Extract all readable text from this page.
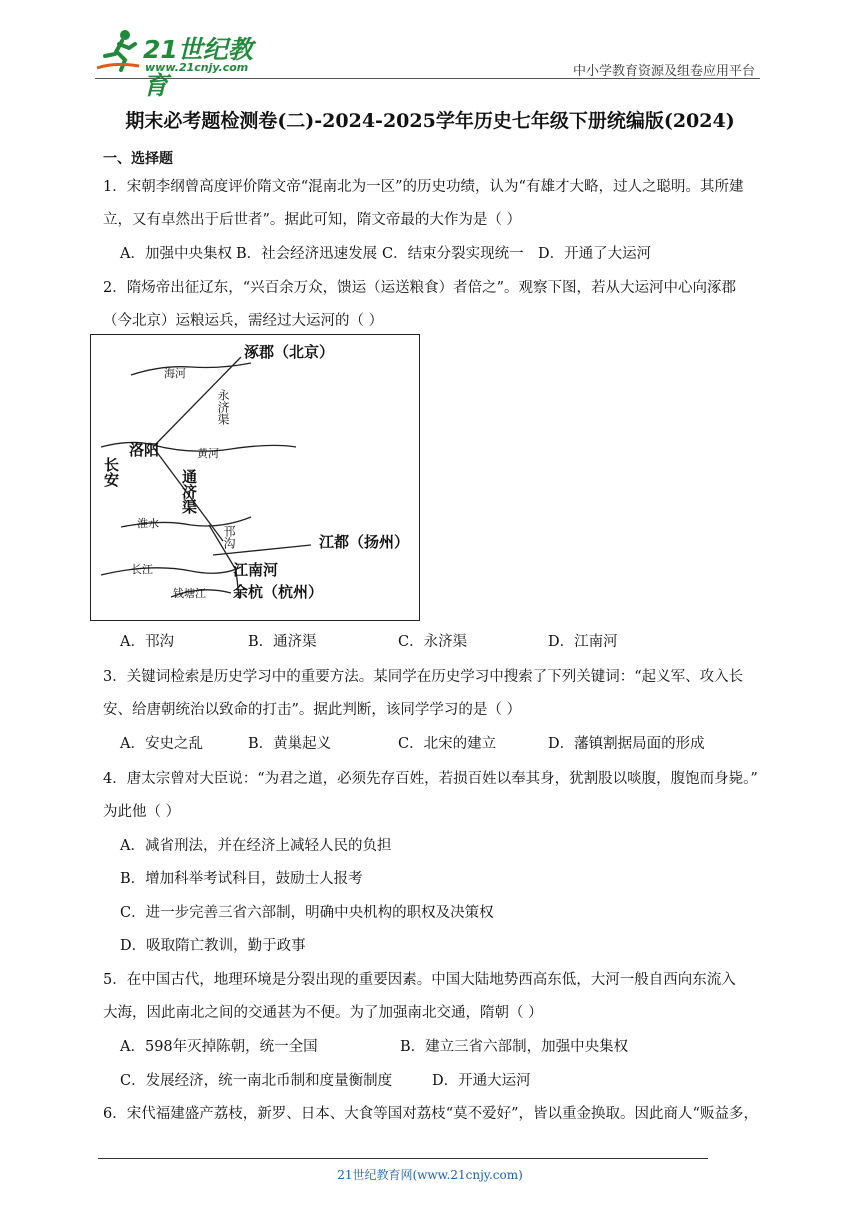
21世纪教育
www.21cnjy.com	中小学教育资源及组卷应用平台
期末必考题检测卷(二)-2024-2025学年历史七年级下册统编版(2024)
一、选择题
1．宋朝李纲曾高度评价隋文帝“混南北为一区”的历史功绩，认为“有雄才大略，过人之聪明。其所建
立，又有卓然出于后世者”。据此可知，隋文帝最的大作为是（ ）
A．加强中央集权 B．社会经济迅速发展 C．结束分裂实现统一 D．开通了大运河
2．隋炀帝出征辽东，“兴百余万众，馈运（运送粮食）者倍之”。观察下图，若从大运河中心向涿郡
（今北京）运粮运兵，需经过大运河的（ ）
涿郡（北京）
海河
永济渠
洛阳	黄河
长安	通济渠
淮水
邗沟	江都（扬州）
长江	江南河
钱塘江 余杭（杭州）
A．邗沟	B．通济渠	C．永济渠	D．江南河
3．关键词检索是历史学习中的重要方法。某同学在历史学习中搜索了下列关键词：“起义军、攻入长
安、给唐朝统治以致命的打击”。据此判断，该同学学习的是（ ）
A．安史之乱	B．黄巢起义	C．北宋的建立	D．藩镇割据局面的形成
4．唐太宗曾对大臣说：“为君之道，必须先存百姓，若损百姓以奉其身，犹割股以啖腹，腹饱而身毙。”
为此他（ ）
A．减省刑法，并在经济上减轻人民的负担
B．增加科举考试科目，鼓励士人报考
C．进一步完善三省六部制，明确中央机构的职权及决策权
D．吸取隋亡教训，勤于政事
5．在中国古代，地理环境是分裂出现的重要因素。中国大陆地势西高东低，大河一般自西向东流入
大海，因此南北之间的交通甚为不便。为了加强南北交通，隋朝（ ）
A．598年灭掉陈朝，统一全国	B．建立三省六部制，加强中央集权
C．发展经济，统一南北币制和度量衡制度	D．开通大运河
6．宋代福建盛产荔枝，新罗、日本、大食等国对荔枝“莫不爱好”，皆以重金换取。因此商人“贩益多，
21世纪教育网(www.21cnjy.com)
